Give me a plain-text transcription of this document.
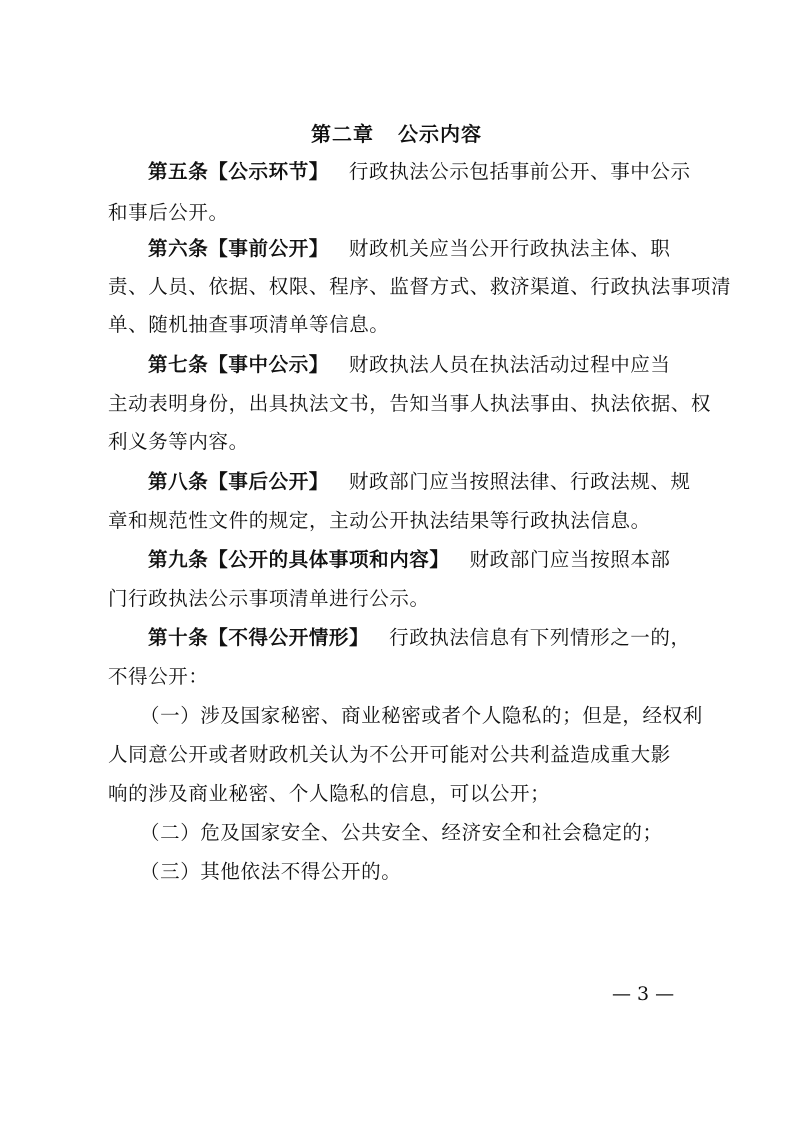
第二章 公示内容
第五条【公示环节】 行政执法公示包括事前公开、事中公示
和事后公开。
第六条【事前公开】 财政机关应当公开行政执法主体、职
责、人员、依据、权限、程序、监督方式、救济渠道、行政执法事项清
单、随机抽查事项清单等信息。
第七条【事中公示】 财政执法人员在执法活动过程中应当
主动表明身份，出具执法文书，告知当事人执法事由、执法依据、权
利义务等内容。
第八条【事后公开】 财政部门应当按照法律、行政法规、规
章和规范性文件的规定，主动公开执法结果等行政执法信息。
第九条【公开的具体事项和内容】 财政部门应当按照本部
门行政执法公示事项清单进行公示。
第十条【不得公开情形】 行政执法信息有下列情形之一的，
不得公开：
（一）涉及国家秘密、商业秘密或者个人隐私的；但是，经权利
人同意公开或者财政机关认为不公开可能对公共利益造成重大影
响的涉及商业秘密、个人隐私的信息，可以公开；
（二）危及国家安全、公共安全、经济安全和社会稳定的；
（三）其他依法不得公开的。
— 3 —
